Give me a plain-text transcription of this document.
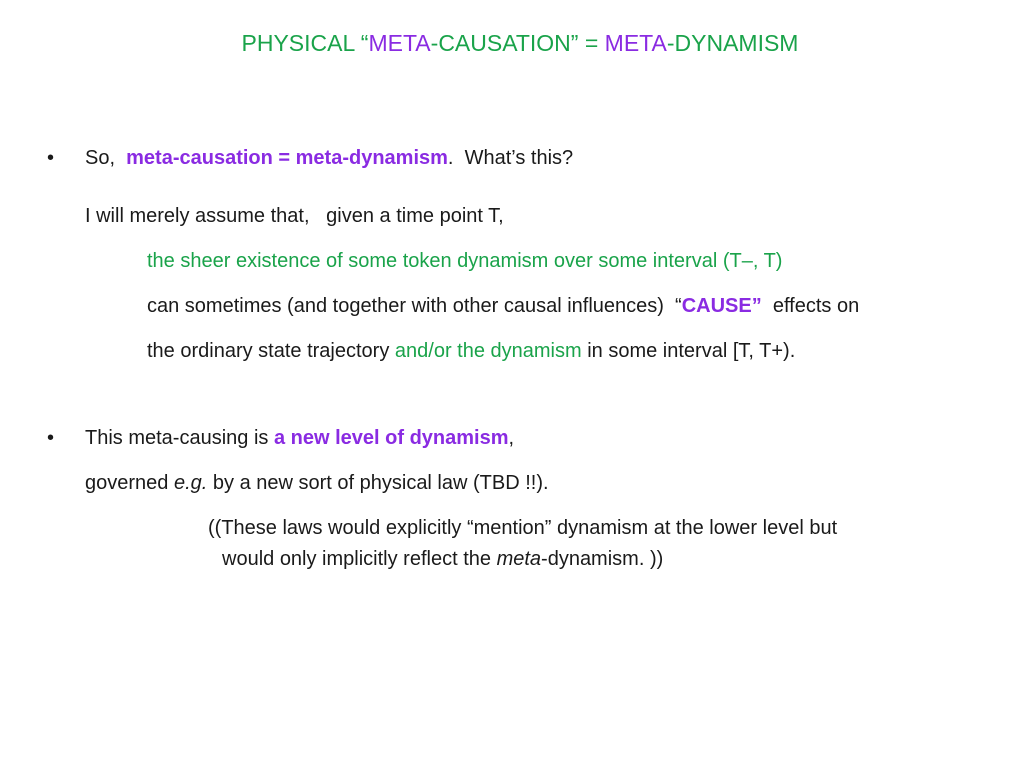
PHYSICAL “META-CAUSATION” = META-DYNAMISM
• So,  meta-causation = meta-dynamism.  What’s this?
I will merely assume that,   given a time point T,
the sheer existence of some token dynamism over some interval (T–, T)
can sometimes (and together with other causal influences)  “CAUSE”  effects on
the ordinary state trajectory and/or the dynamism in some interval [T, T+).
• This meta-causing is a new level of dynamism,
governed e.g. by a new sort of physical law (TBD !!).
((These laws would explicitly “mention” dynamism at the lower level but
would only implicitly reflect the meta-dynamism. ))
